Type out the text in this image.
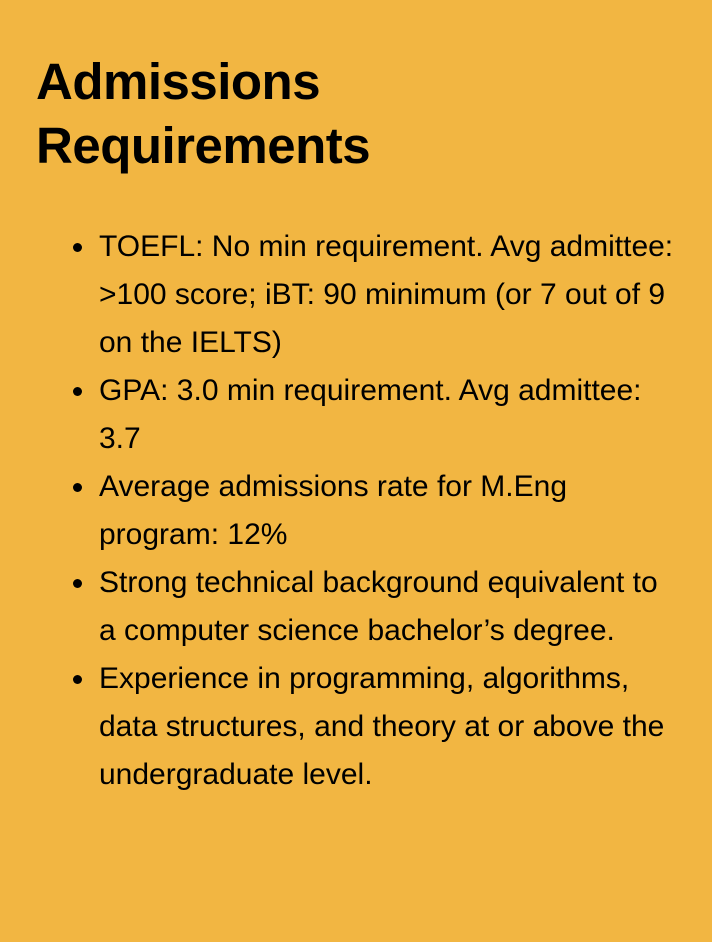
Admissions Requirements
TOEFL: No min requirement. Avg admittee: >100 score; iBT: 90 minimum (or 7 out of 9 on the IELTS)
GPA: 3.0 min requirement. Avg admittee: 3.7
Average admissions rate for M.Eng program: 12%
Strong technical background equivalent to a computer science bachelor’s degree.
Experience in programming, algorithms, data structures, and theory at or above the undergraduate level.
